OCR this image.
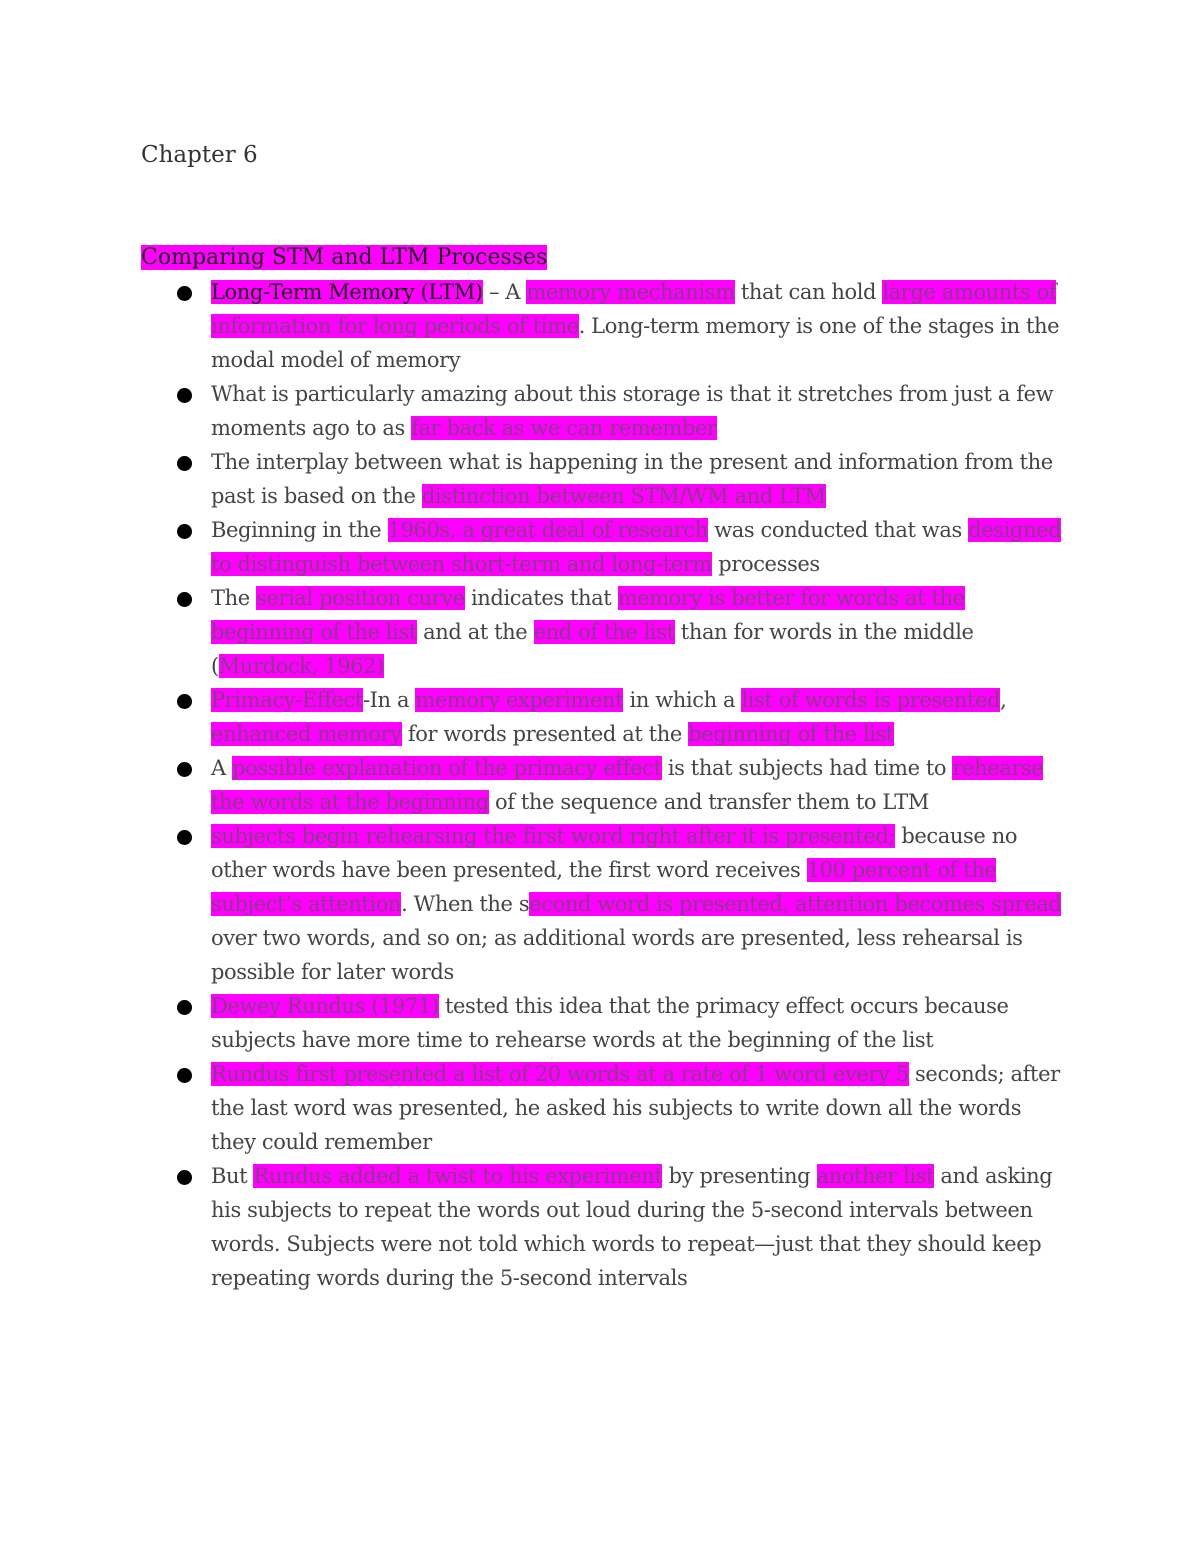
Chapter 6
Comparing STM and LTM Processes
Long-Term Memory (LTM) – A memory mechanism that can hold large amounts of information for long periods of time. Long-term memory is one of the stages in the modal model of memory
What is particularly amazing about this storage is that it stretches from just a few moments ago to as far back as we can remember
The interplay between what is happening in the present and information from the past is based on the distinction between STM/WM and LTM
Beginning in the 1960s, a great deal of research was conducted that was designed to distinguish between short-term and long-term processes
The serial position curve indicates that memory is better for words at the beginning of the list and at the end of the list than for words in the middle (Murdock, 1962)
Primacy-Effect-In a memory experiment in which a list of words is presented, enhanced memory for words presented at the beginning of the list
A possible explanation of the primacy effect is that subjects had time to rehearse the words at the beginning of the sequence and transfer them to LTM
subjects begin rehearsing the first word right after it is presented; because no other words have been presented, the first word receives 100 percent of the subject’s attention. When the second word is presented, attention becomes spread over two words, and so on; as additional words are presented, less rehearsal is possible for later words
Dewey Rundus (1971) tested this idea that the primacy effect occurs because subjects have more time to rehearse words at the beginning of the list
Rundus first presented a list of 20 words at a rate of 1 word every 5 seconds; after the last word was presented, he asked his subjects to write down all the words they could remember
But Rundus added a twist to his experiment by presenting another list and asking his subjects to repeat the words out loud during the 5-second intervals between words. Subjects were not told which words to repeat—just that they should keep repeating words during the 5-second intervals
